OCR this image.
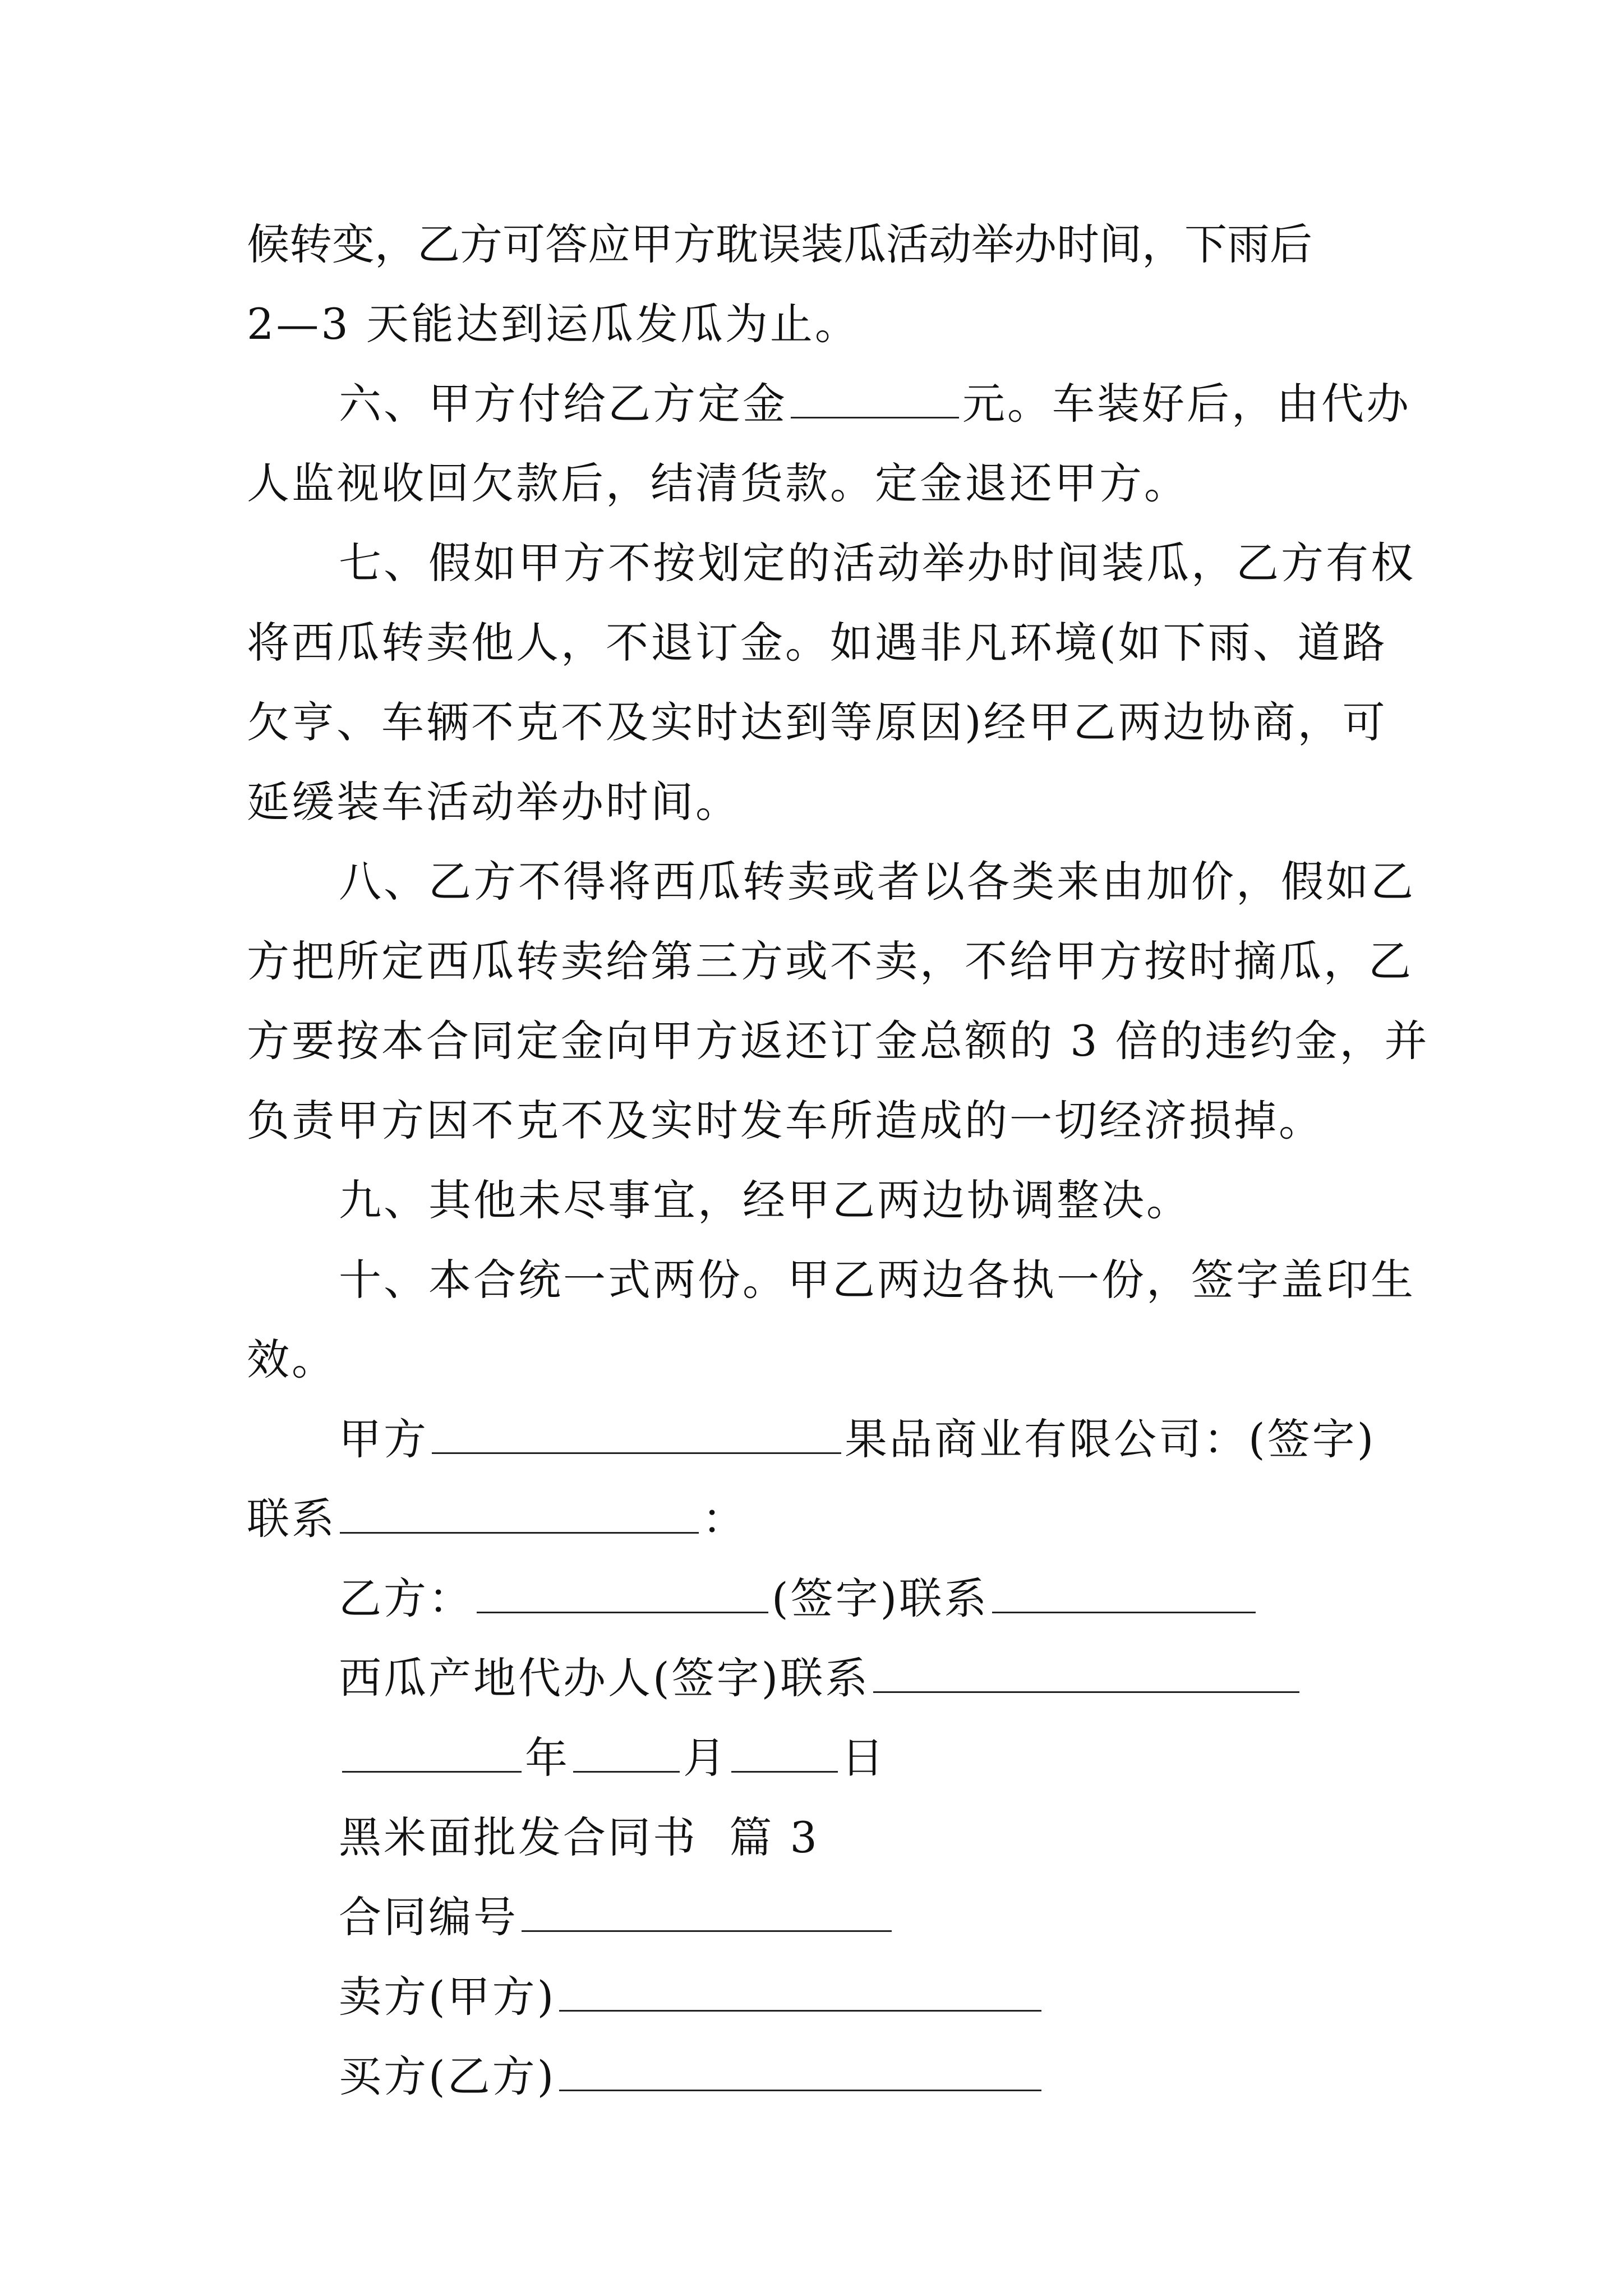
候转变，乙方可答应甲方耽误装瓜活动举办时间，下雨后
2—3 天能达到运瓜发瓜为止。
六、甲方付给乙方定金	元。车装好后，由代办
人监视收回欠款后，结清货款。定金退还甲方。
七、假如甲方不按划定的活动举办时间装瓜，乙方有权
将西瓜转卖他人，不退订金。如遇非凡环境(如下雨、道路
欠亨、车辆不克不及实时达到等原因)经甲乙两边协商，可
延缓装车活动举办时间。
八、乙方不得将西瓜转卖或者以各类来由加价，假如乙
方把所定西瓜转卖给第三方或不卖，不给甲方按时摘瓜，乙
方要按本合同定金向甲方返还订金总额的 3 倍的违约金，并
负责甲方因不克不及实时发车所造成的一切经济损掉。
九、其他未尽事宜，经甲乙两边协调整决。
十、本合统一式两份。甲乙两边各执一份，签字盖印生
效。
甲方	果品商业有限公司：(签字)
联系	：
乙方：	(签字)联系
西瓜产地代办人(签字)联系
年	月	日
黑米面批发合同书  篇 3
合同编号
卖方(甲方)
买方(乙方)
